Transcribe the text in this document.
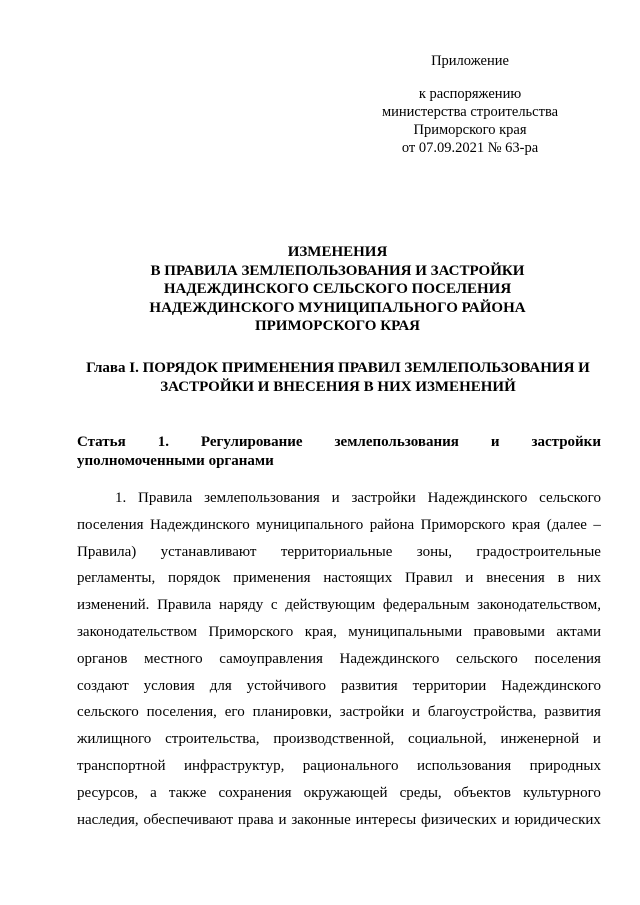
Приложение
к распоряжению
министерства строительства
Приморского края
от 07.09.2021 № 63-ра
ИЗМЕНЕНИЯ
В ПРАВИЛА ЗЕМЛЕПОЛЬЗОВАНИЯ И ЗАСТРОЙКИ
НАДЕЖДИНСКОГО СЕЛЬСКОГО ПОСЕЛЕНИЯ
НАДЕЖДИНСКОГО МУНИЦИПАЛЬНОГО РАЙОНА
ПРИМОРСКОГО КРАЯ
Глава I. ПОРЯДОК ПРИМЕНЕНИЯ ПРАВИЛ ЗЕМЛЕПОЛЬЗОВАНИЯ И
ЗАСТРОЙКИ И ВНЕСЕНИЯ В НИХ ИЗМЕНЕНИЙ
Статья 1. Регулирование землепользования и застройки
уполномоченными органами
1. Правила землепользования и застройки Надеждинского сельского
поселения Надеждинского муниципального района Приморского края (далее –
Правила) устанавливают территориальные зоны, градостроительные
регламенты, порядок применения настоящих Правил и внесения в них
изменений. Правила наряду с действующим федеральным законодательством,
законодательством Приморского края, муниципальными правовыми актами
органов местного самоуправления Надеждинского сельского поселения
создают условия для устойчивого развития территории Надеждинского
сельского поселения, его планировки, застройки и благоустройства, развития
жилищного строительства, производственной, социальной, инженерной и
транспортной инфраструктур, рационального использования природных
ресурсов, а также сохранения окружающей среды, объектов культурного
наследия, обеспечивают права и законные интересы физических и юридических
